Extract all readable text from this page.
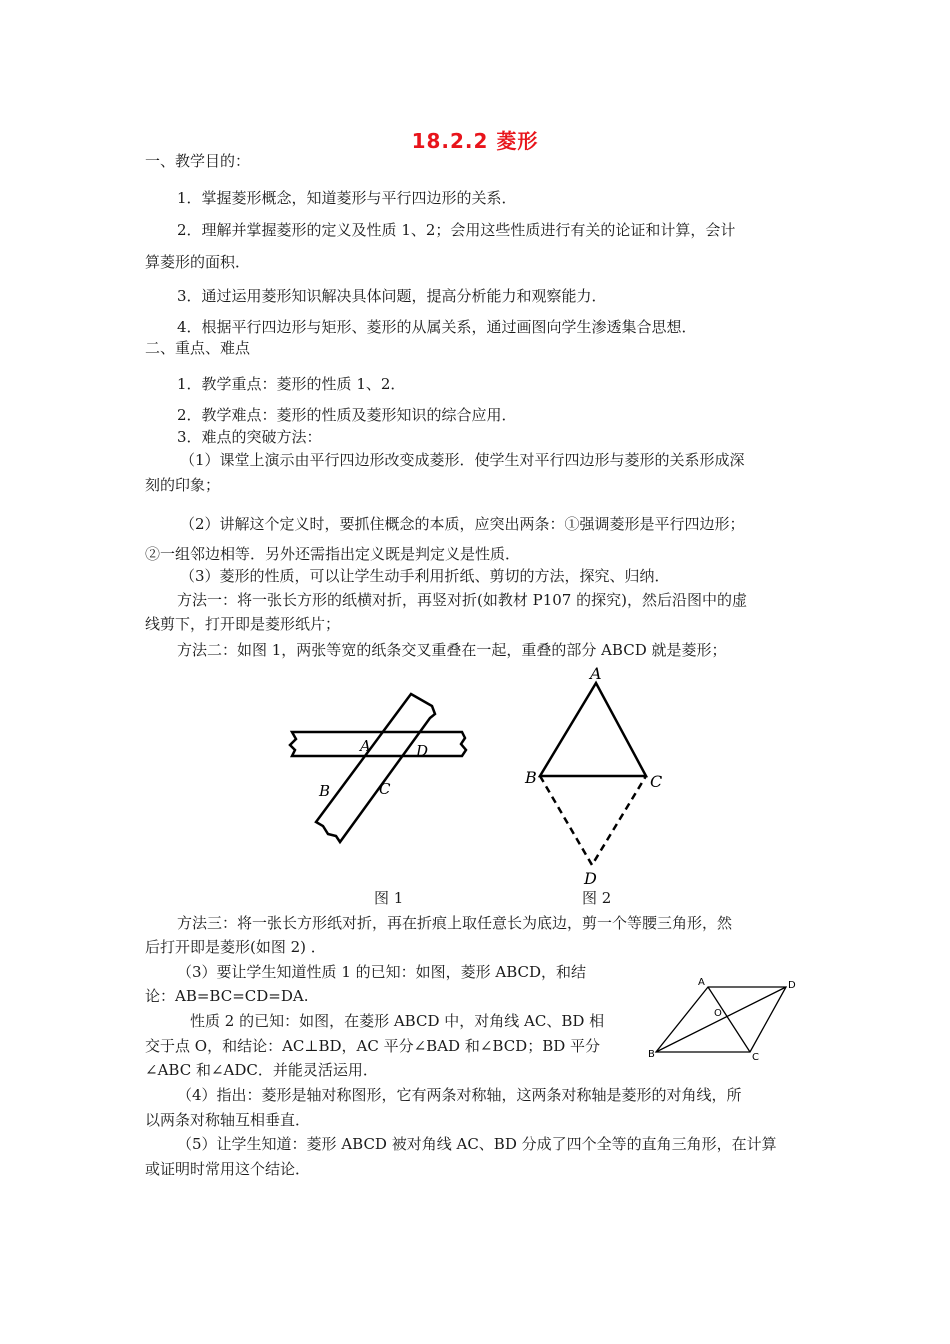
18.2.2 菱形
一、教学目的：
1．掌握菱形概念，知道菱形与平行四边形的关系．
2．理解并掌握菱形的定义及性质 1、2；会用这些性质进行有关的论证和计算，会计
算菱形的面积．
3．通过运用菱形知识解决具体问题，提高分析能力和观察能力．
4．根据平行四边形与矩形、菱形的从属关系，通过画图向学生渗透集合思想．
二、重点、难点
1．教学重点：菱形的性质 1、2．
2．教学难点：菱形的性质及菱形知识的综合应用．
3．难点的突破方法：
（1）课堂上演示由平行四边形改变成菱形．使学生对平行四边形与菱形的关系形成深
刻的印象；
（2）讲解这个定义时，要抓住概念的本质，应突出两条：①强调菱形是平行四边形；
②一组邻边相等．另外还需指出定义既是判定义是性质．
（3）菱形的性质，可以让学生动手利用折纸、剪切的方法，探究、归纳．
方法一：将一张长方形的纸横对折，再竖对折(如教材 P107 的探究)，然后沿图中的虚
线剪下，打开即是菱形纸片；
方法二：如图 1，两张等宽的纸条交叉重叠在一起，重叠的部分 ABCD 就是菱形；
A	D
B	C
图 1
A
B	C
D
图 2
方法三：将一张长方形纸对折，再在折痕上取任意长为底边，剪一个等腰三角形，然
后打开即是菱形(如图 2) ．
（3）要让学生知道性质 1 的已知：如图，菱形 ABCD，和结
论：AB=BC=CD=DA.
性质 2 的已知：如图，在菱形 ABCD 中，对角线 AC、BD 相
交于点 O，和结论：AC⊥BD，AC 平分∠BAD 和∠BCD；BD 平分
∠ABC 和∠ADC．并能灵活运用．
A	D
O
B	C
（4）指出：菱形是轴对称图形，它有两条对称轴，这两条对称轴是菱形的对角线，所
以两条对称轴互相垂直．
（5）让学生知道：菱形 ABCD 被对角线 AC、BD 分成了四个全等的直角三角形，在计算
或证明时常用这个结论．
